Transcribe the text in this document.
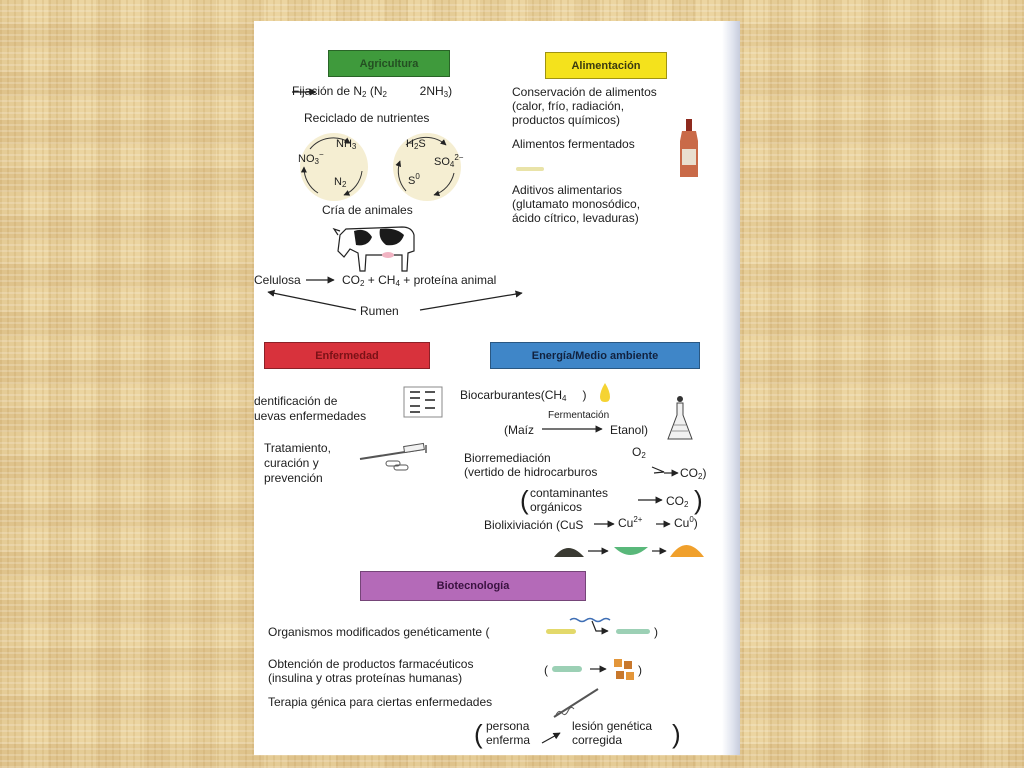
Agricultura
Fijación de $N_2$ ($N_2$	$2NH_3$)
Reciclado de nutrientes
$NH_3$
$NO_3^-$
$N_2$
$H_2S$
$SO_4^{2-}$
$S^0$
Cría de animales
Celulosa	$CO_2 + CH_4$ + proteína animal
Rumen
Alimentación
Conservación de alimentos
(calor, frío, radiación,
productos químicos)
Alimentos fermentados
Aditivos alimentarios
(glutamato monosódico,
ácido cítrico, levaduras)
Enfermedad
dentificación de
uevas enfermedades
Tratamiento,
curación y
prevención
Energía/Medio ambiente
$Biocarburantes(CH_4$ )
Fermentación
(Maíz	Etanol)
Biorremediación	$O_2$
(vertido de hidrocarburos	$CO_2$)
( contaminantes
orgánicos	$CO_2$ )
Biolixiviación (CuS	$Cu^{2+}$	Cu$^0$)
Biotecnología
Organismos modificados genéticamente (	)
Obtención de productos farmacéuticos
(insulina y otras proteínas humanas)
(	)
Terapia génica para ciertas enfermedades
( persona
enferma
lesión genética
corregida )
